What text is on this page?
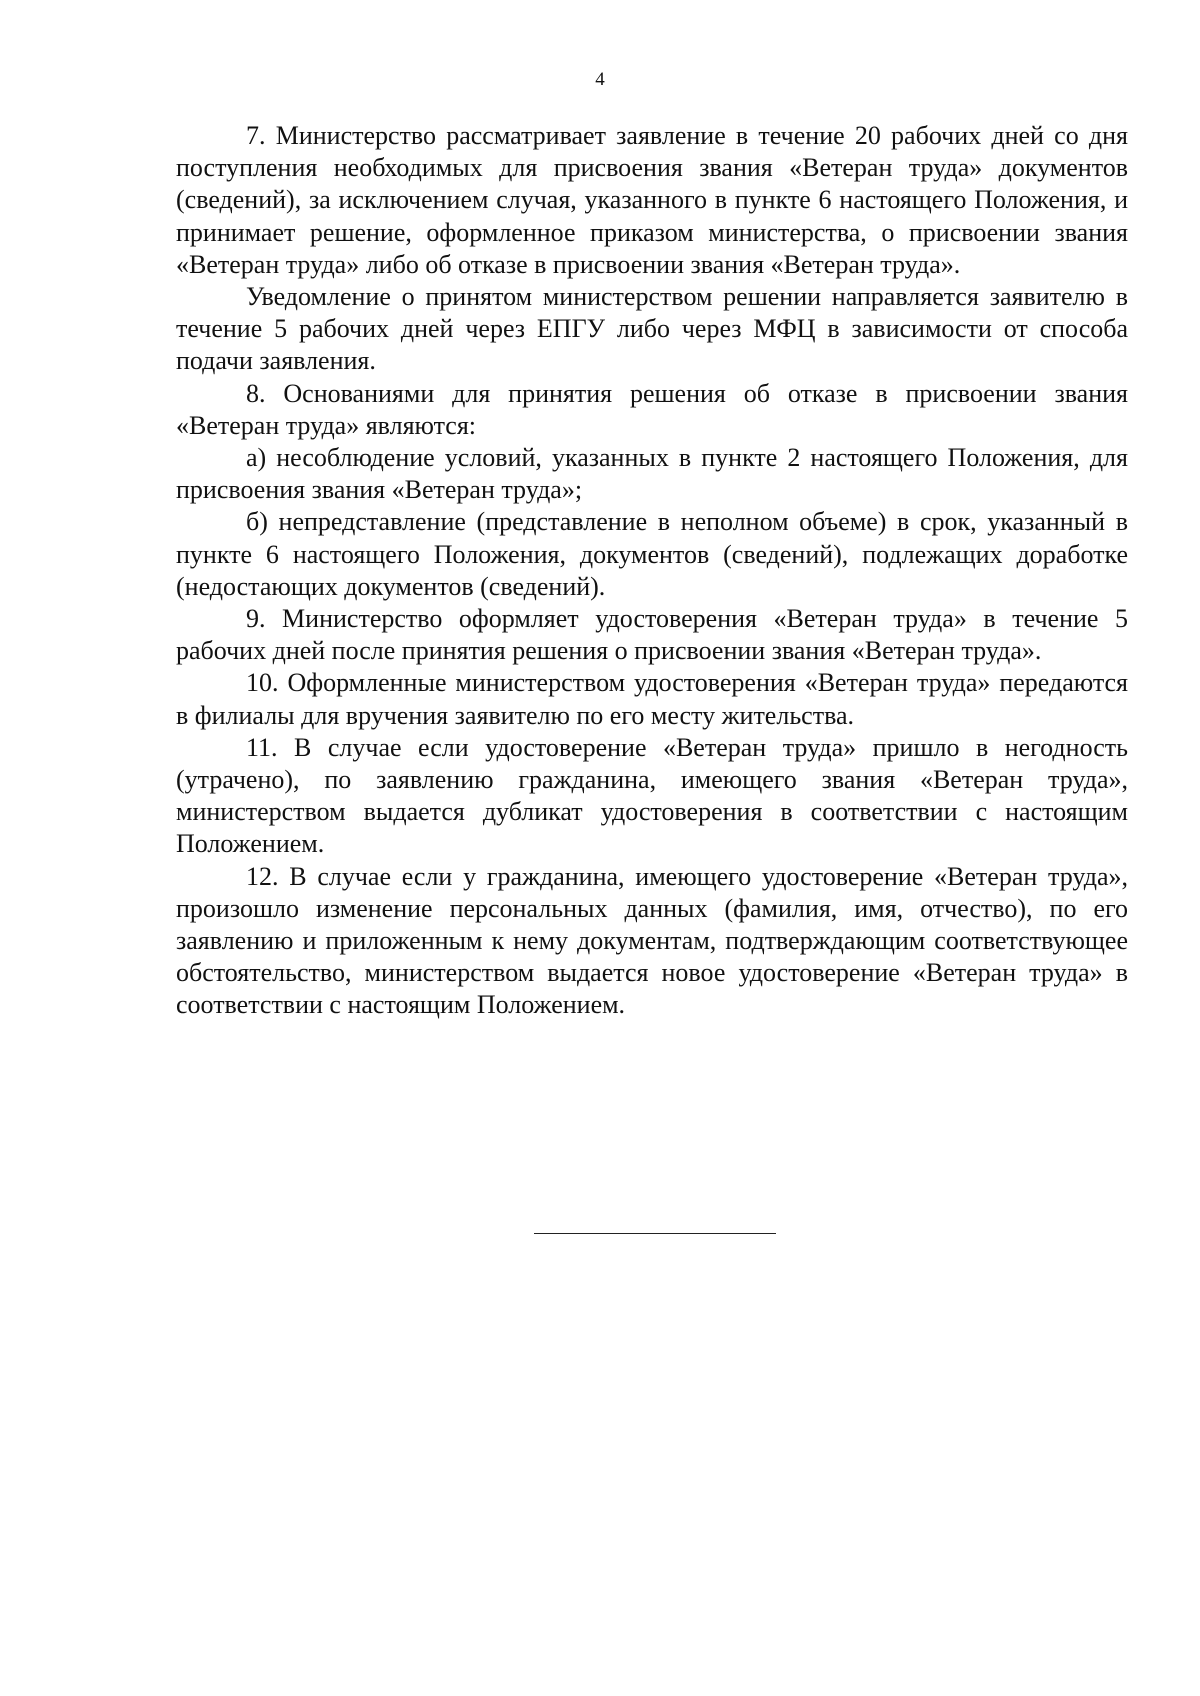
4

7. Министерство рассматривает заявление в течение 20 рабочих дней со дня поступления необходимых для присвоения звания «Ветеран труда» документов (сведений), за исключением случая, указанного в пункте 6 настоящего Положения, и принимает решение, оформленное приказом министерства, о присвоении звания «Ветеран труда» либо об отказе в присвоении звания «Ветеран труда».

Уведомление о принятом министерством решении направляется заявителю в течение 5 рабочих дней через ЕПГУ либо через МФЦ в зависимости от способа подачи заявления.

8. Основаниями для принятия решения об отказе в присвоении звания «Ветеран труда» являются:

а) несоблюдение условий, указанных в пункте 2 настоящего Положения, для присвоения звания «Ветеран труда»;

б) непредставление (представление в неполном объеме) в срок, указанный в пункте 6 настоящего Положения, документов (сведений), подлежащих доработке (недостающих документов (сведений).

9. Министерство оформляет удостоверения «Ветеран труда» в течение 5 рабочих дней после принятия решения о присвоении звания «Ветеран труда».

10. Оформленные министерством удостоверения «Ветеран труда» передаются в филиалы для вручения заявителю по его месту жительства.

11. В случае если удостоверение «Ветеран труда» пришло в негодность (утрачено), по заявлению гражданина, имеющего звания «Ветеран труда», министерством выдается дубликат удостоверения в соответствии с настоящим Положением.

12. В случае если у гражданина, имеющего удостоверение «Ветеран труда», произошло изменение персональных данных (фамилия, имя, отчество), по его заявлению и приложенным к нему документам, подтверждающим соответствующее обстоятельство, министерством выдается новое удостоверение «Ветеран труда» в соответствии с настоящим Положением.
